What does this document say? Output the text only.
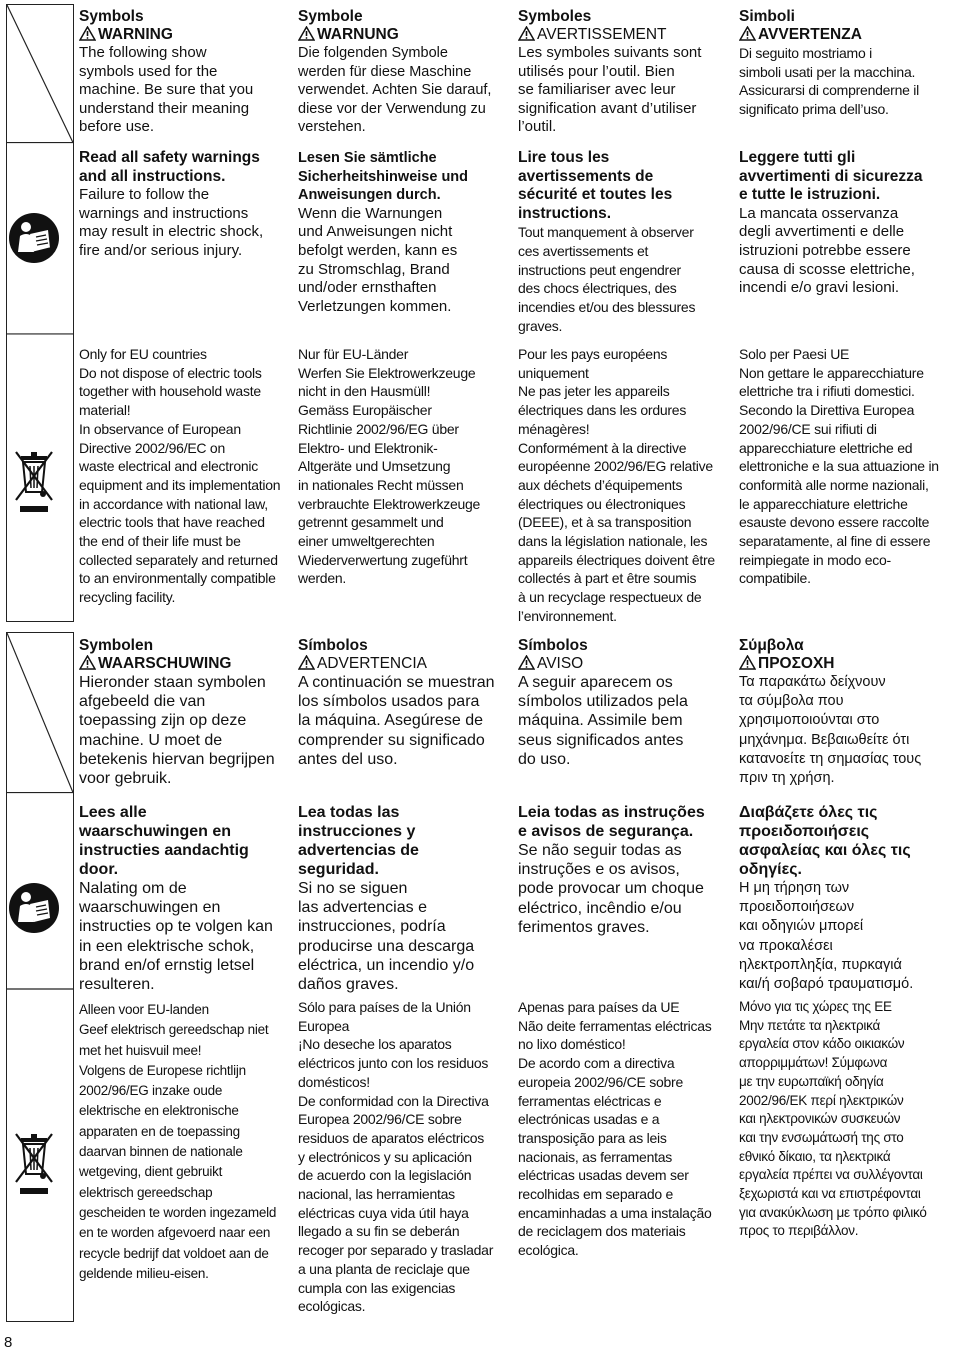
Symbols

WARNING

The following show
symbols used for the
machine. Be sure that you
understand their meaning
before use.

Read all safety warnings
and all instructions.

Failure to follow the
warnings and instructions
may result in electric shock,
fire and/or serious injury.

Only for EU countries
Do not dispose of electric tools
together with household waste
material!
In observance of European
Directive 2002/96/EC on
waste electrical and electronic
equipment and its implementation
in accordance with national law,
electric tools that have reached
the end of their life must be
collected separately and returned
to an environmentally compatible
recycling facility.

Symbole

WARNUNG

Die folgenden Symbole
werden für diese Maschine
verwendet. Achten Sie darauf,
diese vor der Verwendung zu
verstehen.

Lesen Sie sämtliche
Sicherheitshinweise und
Anweisungen durch.

Wenn die Warnungen
und Anweisungen nicht
befolgt werden, kann es
zu Stromschlag, Brand
und/oder ernsthaften
Verletzungen kommen.

Nur für EU-Länder
Werfen Sie Elektrowerkzeuge
nicht in den Hausmüll!
Gemäss Europäischer
Richtlinie 2002/96/EG über
Elektro- und Elektronik-
Altgeräte und Umsetzung
in nationales Recht müssen
verbrauchte Elektrowerkzeuge
getrennt gesammelt und
einer umweltgerechten
Wiederverwertung zugeführt
werden.

Symboles

AVERTISSEMENT

Les symboles suivants sont
utilisés pour l’outil. Bien
se familiariser avec leur
signification avant d’utiliser
l’outil.

Lire tous les
avertissements de
sécurité et toutes les
instructions.

Tout manquement à observer
ces avertissements et
instructions peut engendrer
des chocs électriques, des
incendies et/ou des blessures
graves.

Pour les pays européens
uniquement
Ne pas jeter les appareils
électriques dans les ordures
ménagères!
Conformément à la directive
européenne 2002/96/EG relative
aux déchets d’équipements
électriques ou électroniques
(DEEE), et à sa transposition
dans la législation nationale, les
appareils électriques doivent être
collectés à part et être soumis
à un recyclage respectueux de
l’environnement.

Simboli

AVVERTENZA

Di seguito mostriamo i
simboli usati per la macchina.
Assicurarsi di comprenderne il
significato prima dell’uso.

Leggere tutti gli
avvertimenti di sicurezza
e tutte le istruzioni.

La mancata osservanza
degli avvertimenti e delle
istruzioni potrebbe essere
causa di scosse elettriche,
incendi e/o gravi lesioni.

Solo per Paesi UE
Non gettare le apparecchiature
elettriche tra i rifiuti domestici.
Secondo la Direttiva Europea
2002/96/CE sui rifiuti di
apparecchiature elettriche ed
elettroniche e la sua attuazione in
conformità alle norme nazionali,
le apparecchiature elettriche
esauste devono essere raccolte
separatamente, al fine di essere
reimpiegate in modo eco-
compatibile.

Symbolen

WAARSCHUWING

Hieronder staan symbolen
afgebeeld die van
toepassing zijn op deze
machine. U moet de
betekenis hiervan begrijpen
voor gebruik.

Lees alle
waarschuwingen en
instructies aandachtig
door.

Nalating om de
waarschuwingen en
instructies op te volgen kan
in een elektrische schok,
brand en/of ernstig letsel
resulteren.

Alleen voor EU-landen
Geef elektrisch gereedschap niet
met het huisvuil mee!
Volgens de Europese richtlijn
2002/96/EG inzake oude
elektrische en elektronische
apparaten en de toepassing
daarvan binnen de nationale
wetgeving, dient gebruikt
elektrisch gereedschap
gescheiden te worden ingezameld
en te worden afgevoerd naar een
recycle bedrijf dat voldoet aan de
geldende milieu-eisen.

Símbolos

ADVERTENCIA

A continuación se muestran
los símbolos usados para
la máquina. Asegúrese de
comprender su significado
antes del uso.

Lea todas las
instrucciones y
advertencias de
seguridad.

Si no se siguen
las advertencias e
instrucciones, podría
producirse una descarga
eléctrica, un incendio y/o
daños graves.

Sólo para países de la Unión
Europea
¡No deseche los aparatos
eléctricos junto con los residuos
domésticos!
De conformidad con la Directiva
Europea 2002/96/CE sobre
residuos de aparatos eléctricos
y electrónicos y su aplicación
de acuerdo con la legislación
nacional, las herramientas
eléctricas cuya vida útil haya
llegado a su fin se deberán
recoger por separado y trasladar
a una planta de reciclaje que
cumpla con las exigencias
ecológicas.

Símbolos

AVISO

A seguir aparecem os
símbolos utilizados pela
máquina. Assimile bem
seus significados antes
do uso.

Leia todas as instruções
e avisos de segurança.

Se não seguir todas as
instruções e os avisos,
pode provocar um choque
eléctrico, incêndio e/ou
ferimentos graves.

Apenas para países da UE
Não deite ferramentas eléctricas
no lixo doméstico!
De acordo com a directiva
europeia 2002/96/CE sobre
ferramentas eléctricas e
electrónicas usadas e a
transposição para as leis
nacionais, as ferramentas
eléctricas usadas devem ser
recolhidas em separado e
encaminhadas a uma instalação
de reciclagem dos materiais
ecológica.

Σύμβολα

ΠΡΟΣΟΧΗ

Τα παρακάτω δείχνουν
τα σύμβολα που
χρησιμοποιούνται στο
μηχάνημα. Βεβαιωθείτε ότι
κατανοείτε τη σημασίας τους
πριν τη χρήση.

Διαβάζετε όλες τις
προειδοποιήσεις
ασφαλείας και όλες τις
οδηγίες.

Η μη τήρηση των
προειδοποιήσεων
και οδηγιών μπορεί
να προκαλέσει
ηλεκτροπληξία, πυρκαγιά
και/ή σοβαρό τραυματισμό.

Μόνο για τις χώρες της ΕΕ
Μην πετάτε τα ηλεκτρικά
εργαλεία στον κάδο οικιακών
απορριμμάτων! Σύμφωνα
με την ευρωπαϊκή οδηγία
2002/96/ΕΚ περί ηλεκτρικών
και ηλεκτρονικών συσκευών
και την ενσωμάτωσή της στο
εθνικό δίκαιο, τα ηλεκτρικά
εργαλεία πρέπει να συλλέγονται
ξεχωριστά και να επιστρέφονται
για ανακύκλωση με τρόπο φιλικό
προς το περιβάλλον.

8
